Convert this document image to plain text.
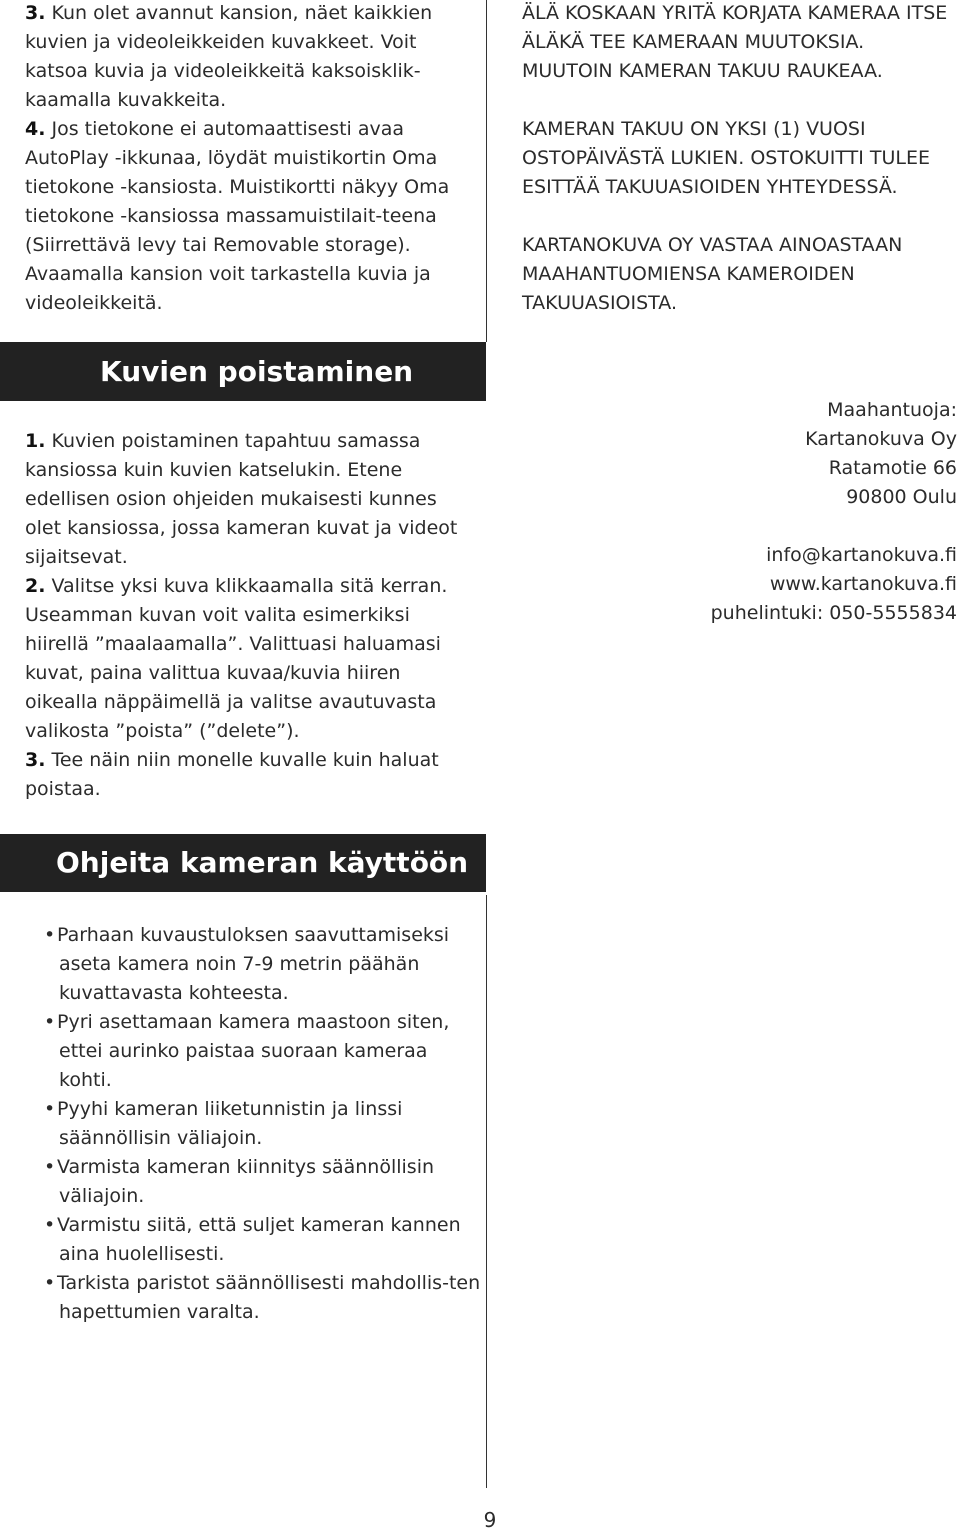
3. Kun olet avannut kansion, näet kaikkien kuvien ja videoleikkeiden kuvakkeet. Voit katsoa kuvia ja videoleikkeitä kaksoisklik-kaamalla kuvakkeita.

4. Jos tietokone ei automaattisesti avaa AutoPlay -ikkunaa, löydät muistikortin Oma tietokone -kansiosta. Muistikortti näkyy Oma tietokone -kansiossa massamuistilait-teena (Siirrettävä levy tai Removable storage). Avaamalla kansion voit tarkastella kuvia ja videoleikkeitä.

ÄLÄ KOSKAAN YRITÄ KORJATA KAMERAA ITSE ÄLÄKÄ TEE KAMERAAN MUUTOKSIA. MUUTOIN KAMERAN TAKUU RAUKEAA.

KAMERAN TAKUU ON YKSI (1) VUOSI OSTOPÄIVÄSTÄ LUKIEN. OSTOKUITTI TULEE ESITTÄÄ TAKUUASIOIDEN YHTEYDESSÄ.

KARTANOKUVA OY VASTAA AINOASTAAN MAAHANTUOMIENSA KAMEROIDEN TAKUUASIOISTA.

Kuvien poistaminen

1. Kuvien poistaminen tapahtuu samassa kansiossa kuin kuvien katselukin. Etene edellisen osion ohjeiden mukaisesti kunnes olet kansiossa, jossa kameran kuvat ja videot sijaitsevat.

2. Valitse yksi kuva klikkaamalla sitä kerran. Useamman kuvan voit valita esimerkiksi hiirellä ”maalaamalla”. Valittuasi haluamasi kuvat, paina valittua kuvaa/kuvia hiiren oikealla näppäimellä ja valitse avautuvasta valikosta ”poista” (”delete”).

3. Tee näin niin monelle kuvalle kuin haluat poistaa.

Maahantuoja:
Kartanokuva Oy
Ratamotie 66
90800 Oulu
info@kartanokuva.fi
www.kartanokuva.fi
puhelintuki: 050-5555834
Ohjeita kameran käyttöön
•Parhaan kuvaustuloksen saavuttamiseksi aseta kamera noin 7-9 metrin päähän kuvattavasta kohteesta.
•Pyri asettamaan kamera maastoon siten, ettei aurinko paistaa suoraan kameraa kohti.
•Pyyhi kameran liiketunnistin ja linssi säännöllisin väliajoin.
•Varmista kameran kiinnitys säännöllisin väliajoin.
•Varmistu siitä, että suljet kameran kannen aina huolellisesti.
•Tarkista paristot säännöllisesti mahdollis-ten hapettumien varalta.
9
